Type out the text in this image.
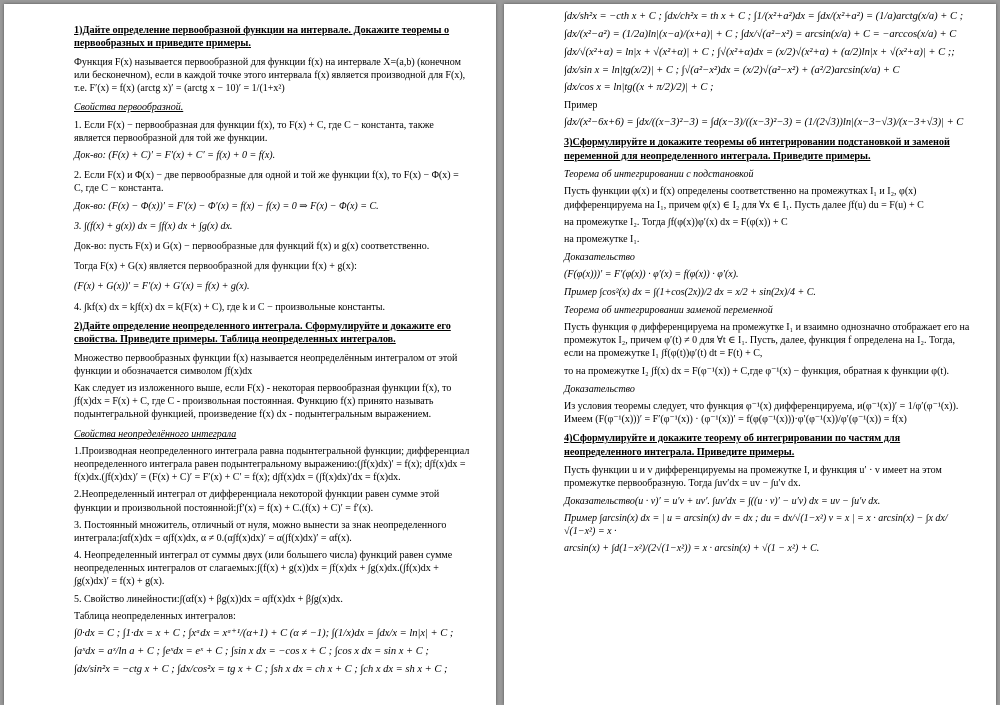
1)Дайте определение первообразной функции на интервале. Докажите теоремы о первообразных и приведите примеры.

Функция F(x) называется первообразной для функции f(x) на интервале X=(a,b) (конечном или бесконечном), если в каждой точке этого интервала f(x) является производной для F(x), т.е. F′(x) = f(x) (arctg x)′ = (arctg x − 10)′ = 1/(1+x²)

Свойства первообразной.

1. Если F(x) − первообразная для функции f(x), то F(x) + C, где C − константа, также является первообразной для той же функции.

Док-во: (F(x) + C)′ = F′(x) + C′ = f(x) + 0 = f(x).

2. Если F(x) и Φ(x) − две первообразные для одной и той же функции f(x), то F(x) − Φ(x) = C, где C − константа.

Док-во: (F(x) − Φ(x))′ = F′(x) − Φ′(x) = f(x) − f(x) = 0 ⇒ F(x) − Φ(x) = C.

3. ∫(f(x) + g(x)) dx = ∫f(x) dx + ∫g(x) dx.

Док-во: пусть F(x) и G(x) − первообразные для функций f(x) и g(x) соответственно.

Тогда F(x) + G(x) является первообразной для функции f(x) + g(x):

(F(x) + G(x))′ = F′(x) + G′(x) = f(x) + g(x).

4. ∫kf(x) dx = k∫f(x) dx = k(F(x) + C), где k и C − произвольные константы.

2)Дайте определение неопределенного интеграла. Сформулируйте и докажите его свойства. Приведите примеры. Таблица неопределенных интегралов.

Множество первообразных функции f(x) называется неопределённым интегралом от этой функции и обозначается символом ∫f(x)dx

Как следует из изложенного выше, если F(x) - некоторая первообразная функции f(x), то ∫f(x)dx = F(x) + C, где C - произвольная постоянная. Функцию f(x) принято называть подынтегральной функцией, произведение f(x) dx - подынтегральным выражением.

Свойства неопределённого интеграла

1.Производная неопределенного интеграла равна подынтегральной функции; дифференциал неопределенного интеграла равен подынтегральному выражению:(∫f(x)dx)′ = f(x); d∫f(x)dx = f(x)dx.(∫f(x)dx)′ = (F(x) + C)′ = F′(x) + C′ = f(x); d∫f(x)dx = (∫f(x)dx)′dx = f(x)dx.

2.Неопределенный интеграл от дифференциала некоторой функции равен сумме этой функции и произвольной постоянной:∫f′(x) = f(x) + C.(f(x) + C)′ = f′(x).

3. Постоянный множитель, отличный от нуля, можно вынести за знак неопределенного интеграла:∫αf(x)dx = α∫f(x)dx, α ≠ 0.(α∫f(x)dx)′ = α(∫f(x)dx)′ = αf(x).

4. Неопределенный интеграл от суммы двух (или большего числа) функций равен сумме неопределенных интегралов от слагаемых:∫(f(x) + g(x))dx = ∫f(x)dx + ∫g(x)dx.(∫f(x)dx + ∫g(x)dx)′ = f(x) + g(x).

5. Свойство линейности:∫(αf(x) + βg(x))dx = α∫f(x)dx + β∫g(x)dx.

Таблица неопределенных интегралов:

∫0·dx = C ; ∫1·dx = x + C ; ∫xᵅdx = xᵅ⁺¹/(α+1) + C (α ≠ −1); ∫(1/x)dx = ∫dx/x = ln|x| + C ;

∫aˣdx = aˣ/ln a + C ; ∫eˣdx = eˣ + C ; ∫sin x dx = −cos x + C ; ∫cos x dx = sin x + C ;

∫dx/sin²x = −ctg x + C ; ∫dx/cos²x = tg x + C ; ∫sh x dx = ch x + C ; ∫ch x dx = sh x + C ;

∫dx/sh²x = −cth x + C ; ∫dx/ch²x = th x + C ; ∫1/(x²+a²)dx = ∫dx/(x²+a²) = (1/a)arctg(x/a) + C ;

∫dx/(x²−a²) = (1/2a)ln|(x−a)/(x+a)| + C ; ∫dx/√(a²−x²) = arcsin(x/a) + C = −arccos(x/a) + C

∫dx/√(x²+α) = ln|x + √(x²+α)| + C ; ∫√(x²+α)dx = (x/2)√(x²+α) + (α/2)ln|x + √(x²+α)| + C ;;

∫dx/sin x = ln|tg(x/2)| + C ; ∫√(a²−x²)dx = (x/2)√(a²−x²) + (a²/2)arcsin(x/a) + C

∫dx/cos x = ln|tg((x + π/2)/2)| + C ;

Пример

∫dx/(x²−6x+6) = ∫dx/((x−3)²−3) = ∫d(x−3)/((x−3)²−3) = (1/(2√3))ln|(x−3−√3)/(x−3+√3)| + C

3)Сформулируйте и докажите теоремы об интегрировании подстановкой и заменой переменной для неопределенного интеграла. Приведите примеры.

Теорема об интегрировании с подстановкой

Пусть функции φ(x) и f(x) определены соответственно на промежутках I₁ и I₂, φ(x) дифференцируема на I₁, причем φ(x) ∈ I₂ для ∀x ∈ I₁. Пусть далее ∫f(u) du = F(u) + C

на промежутке I₂. Тогда ∫f(φ(x))φ′(x) dx = F(φ(x)) + C

на промежутке I₁.

Доказательство

(F(φ(x)))′ = F′(φ(x)) · φ′(x) = f(φ(x)) · φ′(x).

Пример ∫cos²(x) dx = ∫(1+cos(2x))/2 dx = x/2 + sin(2x)/4 + C.

Теорема об интегрировании заменой переменной

Пусть функция φ дифференцируема на промежутке I₁ и взаимно однозначно отображает его на промежуток I₂, причем φ′(t) ≠ 0 для ∀t ∈ I₁. Пусть, далее, функция f определена на I₂. Тогда, если на промежутке I₁ ∫f(φ(t))φ′(t) dt = F(t) + C,

то на промежутке I₂ ∫f(x) dx = F(φ⁻¹(x)) + C,где φ⁻¹(x) − функция, обратная к функции φ(t).

Доказательство

Из условия теоремы следует, что функция φ⁻¹(x) дифференцируема, и(φ⁻¹(x))′ = 1/φ′(φ⁻¹(x)). Имеем (F(φ⁻¹(x)))′ = F′(φ⁻¹(x)) · (φ⁻¹(x))′ = f(φ(φ⁻¹(x)))·φ′(φ⁻¹(x))/φ′(φ⁻¹(x)) = f(x)

4)Сформулируйте и докажите теорему об интегрировании по частям для неопределенного интеграла. Приведите примеры.

Пусть функции u и v дифференцируемы на промежутке I, и функция u′ · v имеет на этом промежутке первообразную. Тогда ∫uv′dx = uv − ∫u′v dx.

Доказательство(u · v)′ = u′v + uv′. ∫uv′dx = ∫((u · v)′ − u′v) dx = uv − ∫u′v dx.

Пример ∫arcsin(x) dx = | u = arcsin(x) dv = dx ; du = dx/√(1−x²) v = x | = x · arcsin(x) − ∫x dx/√(1−x²) = x ·

arcsin(x) + ∫d(1−x²)/(2√(1−x²)) = x · arcsin(x) + √(1 − x²) + C.
